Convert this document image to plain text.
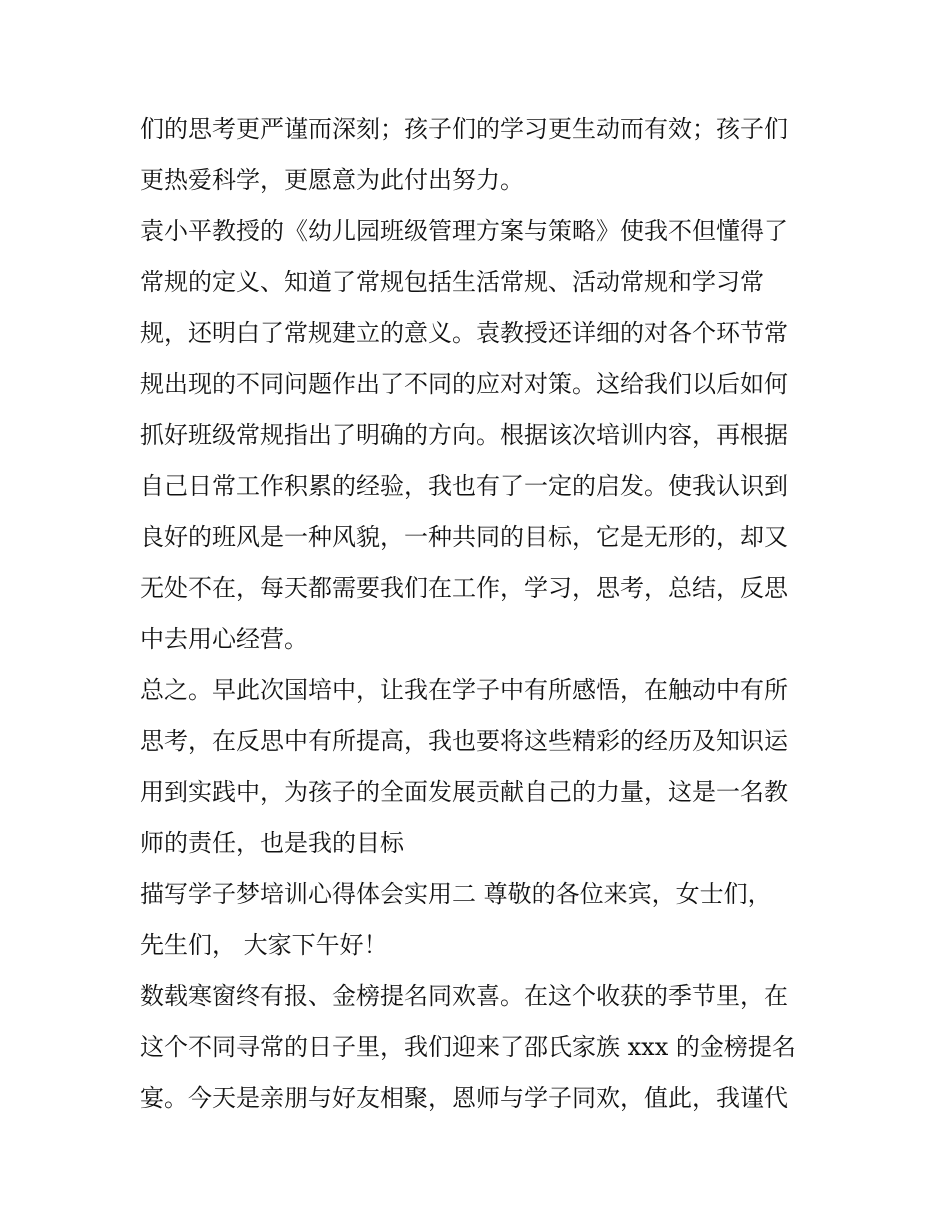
们的思考更严谨而深刻；孩子们的学习更生动而有效；孩子们
更热爱科学，更愿意为此付出努力。
袁小平教授的《幼儿园班级管理方案与策略》使我不但懂得了
常规的定义、知道了常规包括生活常规、活动常规和学习常
规，还明白了常规建立的意义。袁教授还详细的对各个环节常
规出现的不同问题作出了不同的应对对策。这给我们以后如何
抓好班级常规指出了明确的方向。根据该次培训内容，再根据
自己日常工作积累的经验，我也有了一定的启发。使我认识到
良好的班风是一种风貌，一种共同的目标，它是无形的，却又
无处不在，每天都需要我们在工作，学习，思考，总结，反思
中去用心经营。
总之。早此次国培中，让我在学子中有所感悟，在触动中有所
思考，在反思中有所提高，我也要将这些精彩的经历及知识运
用到实践中，为孩子的全面发展贡献自己的力量，这是一名教
师的责任，也是我的目标
描写学子梦培训心得体会实用二 尊敬的各位来宾，女士们，
先生们， 大家下午好！
数载寒窗终有报、金榜提名同欢喜。在这个收获的季节里，在
这个不同寻常的日子里，我们迎来了邵氏家族 xxx 的金榜提名
宴。今天是亲朋与好友相聚，恩师与学子同欢，值此，我谨代
